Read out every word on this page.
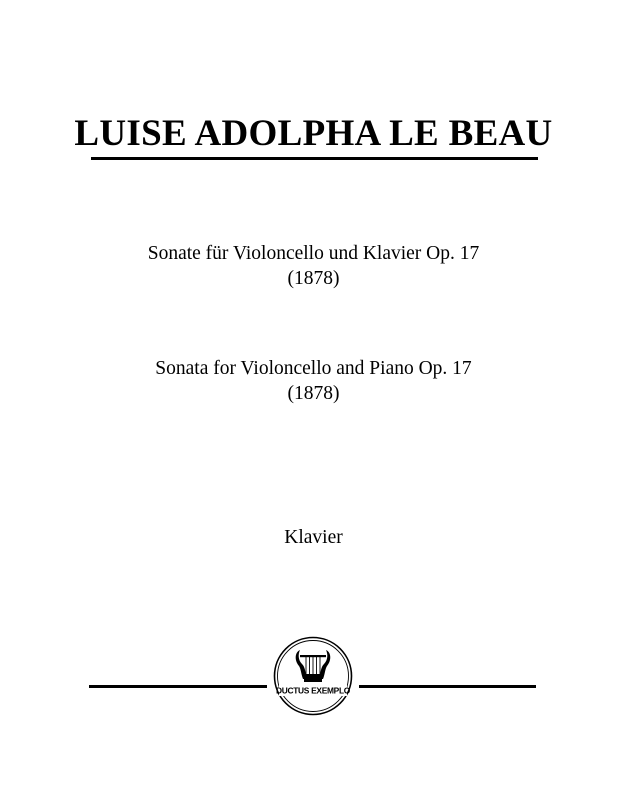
LUISE ADOLPHA LE BEAU
Sonate für Violoncello und Klavier Op. 17
(1878)
Sonata for Violoncello and Piano Op. 17
(1878)
Klavier
DUCTUS EXEMPLO
